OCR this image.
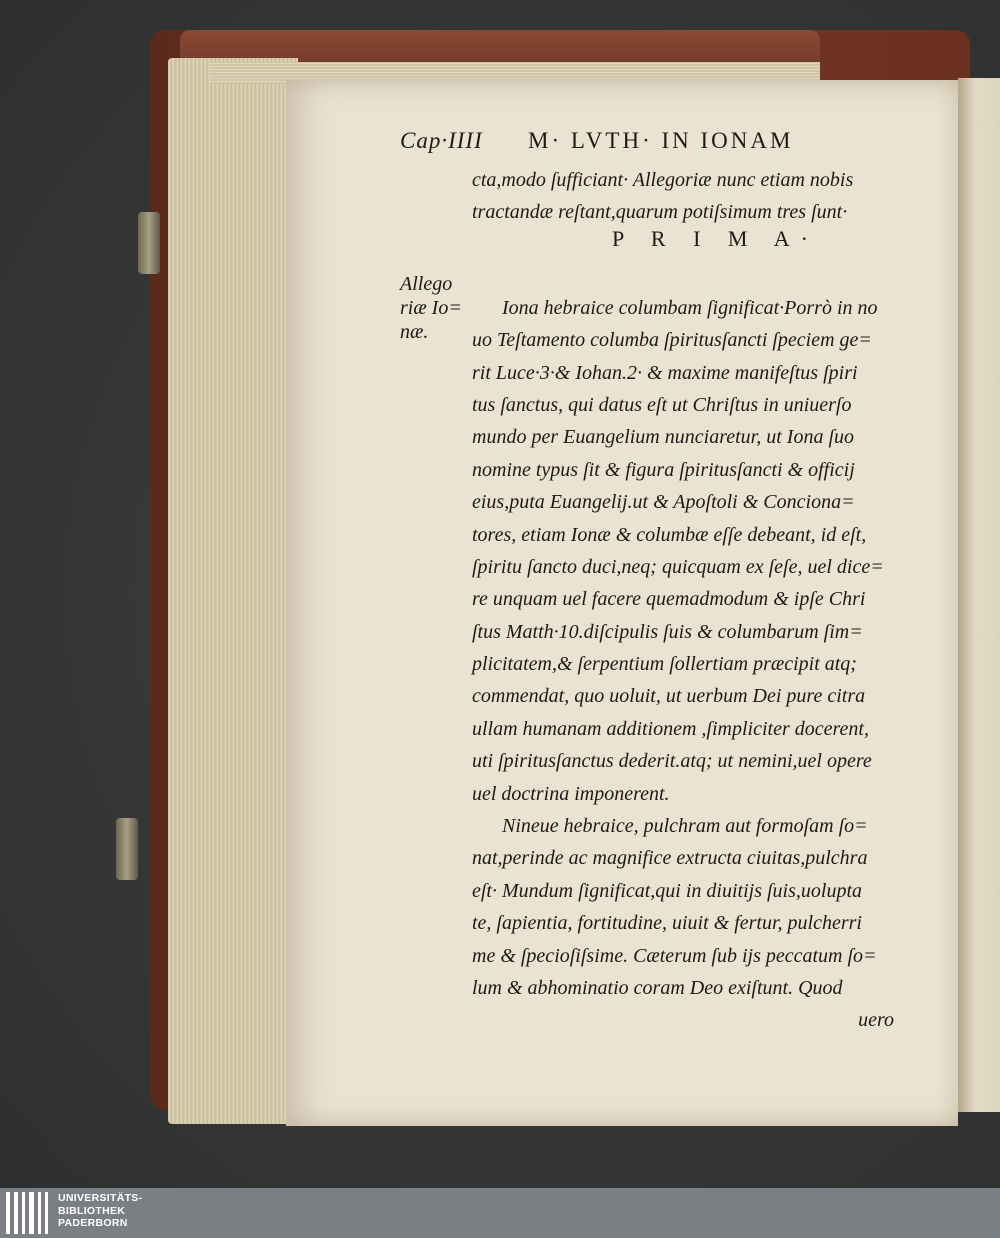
Cap·IIII M· LVTH· IN IONAM
Allego
riæ Io=
næ.
P R I M A·
cta,modo ſufficiant· Allegoriæ nunc etiam nobis
tractandæ reſtant,quarum potiſsimum tres ſunt·
Iona hebraice columbam ſignificat·Porrò in no
uo Teſtamento columba ſpiritusſancti ſpeciem ge=
rit Luce·3·& Iohan.2· & maxime manifeſtus ſpiri
tus ſanctus, qui datus eſt ut Chriſtus in uniuerſo
mundo per Euangelium nunciaretur, ut Iona ſuo
nomine typus ſit & figura ſpiritusſancti & officij
eius,puta Euangelij.ut & Apoſtoli & Conciona=
tores, etiam Ionæ & columbæ eſſe debeant, id eſt,
ſpiritu ſancto duci,neq; quicquam ex ſeſe, uel dice=
re unquam uel facere quemadmodum & ipſe Chri
ſtus Matth·10.diſcipulis ſuis & columbarum ſim=
plicitatem,& ſerpentium ſollertiam præcipit atq;
commendat, quo uoluit, ut uerbum Dei pure citra
ullam humanam additionem ,ſimpliciter docerent,
uti ſpiritusſanctus dederit.atq; ut nemini,uel opere
uel doctrina imponerent.
Nineue hebraice, pulchram aut formoſam ſo=
nat,perinde ac magnifice extructa ciuitas,pulchra
eſt· Mundum ſignificat,qui in diuitijs ſuis,uolupta
te, ſapientia, fortitudine, uiuit & fertur, pulcherri
me & ſpecioſiſsime. Cæterum ſub ijs peccatum ſo=
lum & abhominatio coram Deo exiſtunt. Quod
uero
UNIVERSITÄTS-
BIBLIOTHEK
PADERBORN
